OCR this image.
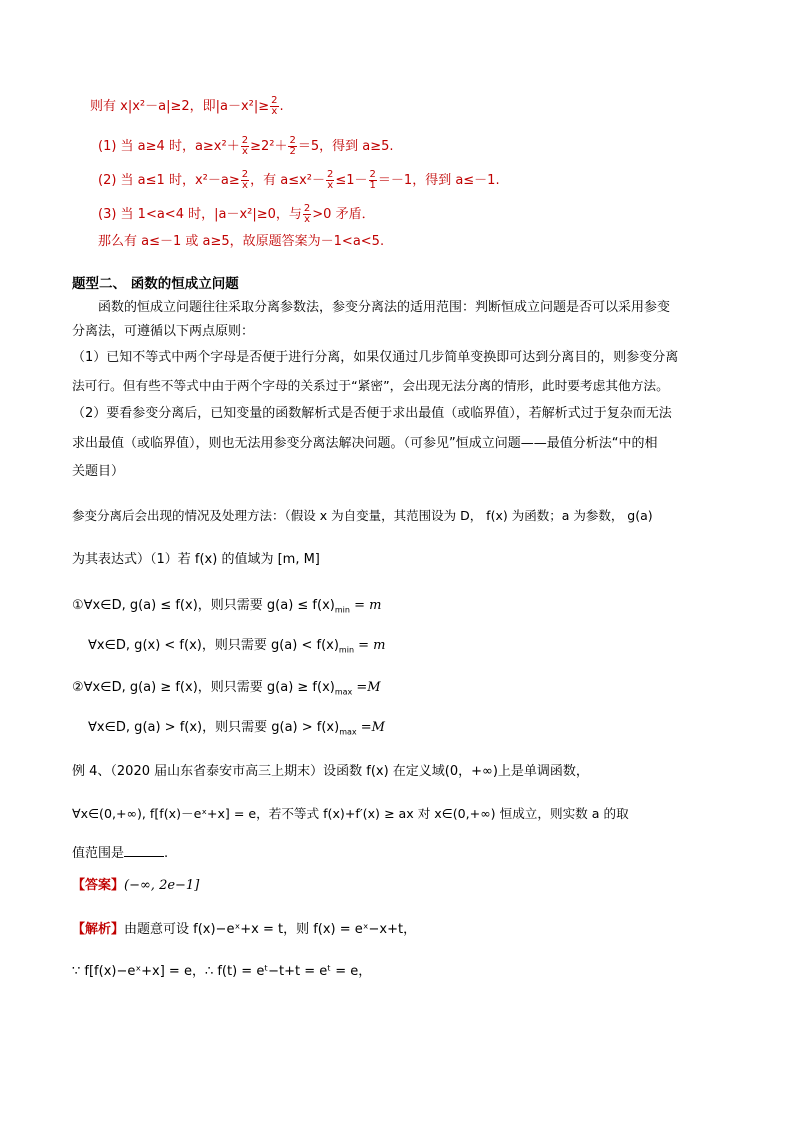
则有 x|x²－a|≥2，即$|a-x^2|\ge \frac{2}{x}$ .
(1) 当 a≥4 时，$a\ge x^2+ \frac{2}{x} \ge 2^2+ \frac{2}{2} =5$，得到 a≥5.
(2) 当 a≤1 时，$x^2-a\ge \frac{2}{x}$ ，有 $a\le x^2- \frac{2}{x} \le 1- \frac{2}{1} =-1$，得到 a≤－1.
(3) 当 1<a<4 时，|a－x²|≥0，与 $\frac{2}{x} >0$ 矛盾．
那么有 a≤－1 或 a≥5，故原题答案为－1<a<5.
题型二、 函数的恒成立问题
函数的恒成立问题往往采取分离参数法，参变分离法的适用范围：判断恒成立问题是否可以采用参变
分离法，可遵循以下两点原则：
（1）已知不等式中两个字母是否便于进行分离，如果仅通过几步简单变换即可达到分离目的，则参变分离
法可行。但有些不等式中由于两个字母的关系过于“紧密”，会出现无法分离的情形，此时要考虑其他方法。
（2）要看参变分离后，已知变量的函数解析式是否便于求出最值（或临界值），若解析式过于复杂而无法
求出最值（或临界值），则也无法用参变分离法解决问题。（可参见”恒成立问题——最值分析法“中的相
关题目）
参变分离后会出现的情况及处理方法：（假设 x 为自变量，其范围设为 D， f(x) 为函数；a 为参数， g(a)
为其表达式）（1）若 f(x) 的值域为 [m, M]
①∀x∈D, g(a) ≤ f(x)，则只需要 $g(a) \le f(x)_{min} = m$
∀x∈D, g(x) < f(x)，则只需要 $g(a) < f(x)_{min} = m$
②∀x∈D, g(a) ≥ f(x)，则只需要 $g(a) \ge f(x)_{max} =M$
∀x∈D, g(a) > f(x)，则只需要 $g(a) > f(x)_{max} =M$
例 4、（2020 届山东省泰安市高三上期末）设函数 f(x) 在定义域(0，+∞)上是单调函数，
∀x∈(0,+∞), f[f(x)－eˣ+x] = e，若不等式 f(x)+f′(x) ≥ ax 对 x∈(0,+∞) 恒成立，则实数 a 的取
值范围是	.
【答案】(−∞, 2e−1]
【解析】由题意可设 f(x)−eˣ+x = t，则 f(x) = eˣ−x+t，
∵ f[f(x)−eˣ+x] = e，∴ f(t) = eᵗ−t+t = eᵗ = e，
